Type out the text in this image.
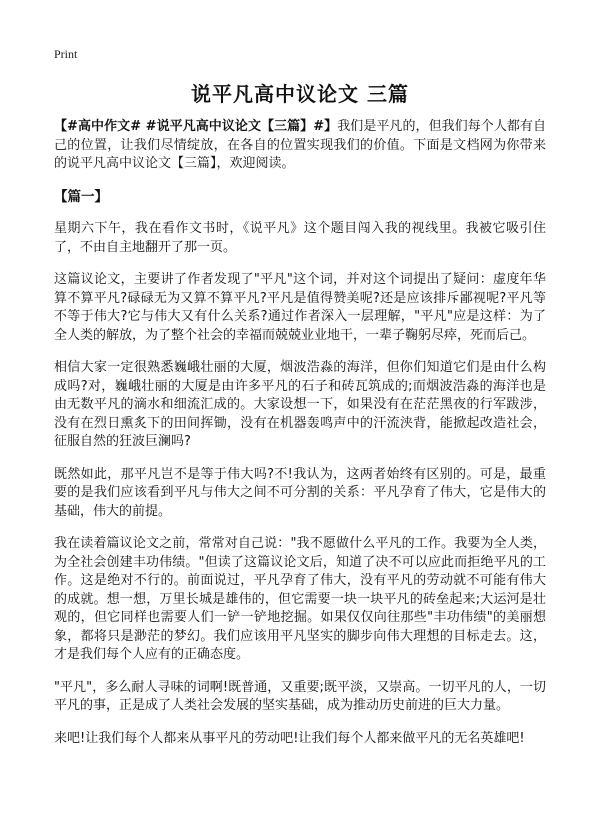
Print
说平凡高中议论文 三篇

【#高中作文# #说平凡高中议论文【三篇】#】我们是平凡的，但我们每个人都有自己的位置，让我们尽情绽放，在各自的位置实现我们的价值。下面是文档网为你带来的说平凡高中议论文【三篇】，欢迎阅读。

【篇一】

星期六下午，我在看作文书时，《说平凡》这个题目闯入我的视线里。我被它吸引住了，不由自主地翻开了那一页。

这篇议论文，主要讲了作者发现了"平凡"这个词，并对这个词提出了疑问：虚度年华算不算平凡?碌碌无为又算不算平凡?平凡是值得赞美呢?还是应该排斥鄙视呢?平凡等不等于伟大?它与伟大又有什么关系?通过作者深入一层理解，"平凡"应是这样：为了全人类的解放，为了整个社会的幸福而兢兢业业地干，一辈子鞠躬尽瘁，死而后己。

相信大家一定很熟悉巍峨壮丽的大厦，烟波浩淼的海洋，但你们知道它们是由什么构成吗?对，巍峨壮丽的大厦是由许多平凡的石子和砖瓦筑成的;而烟波浩淼的海洋也是由无数平凡的滴水和细流汇成的。大家设想一下，如果没有在茫茫黑夜的行军跋涉，没有在烈日熏炙下的田间挥锄，没有在机器轰鸣声中的汗流浃背，能掀起改造社会，征服自然的狂波巨澜吗?

既然如此，那平凡岂不是等于伟大吗?不!我认为，这两者始终有区别的。可是，最重要的是我们应该看到平凡与伟大之间不可分割的关系：平凡孕育了伟大，它是伟大的基础，伟大的前提。

我在读着篇议论文之前，常常对自己说："我不愿做什么平凡的工作。我要为全人类，为全社会创建丰功伟绩。"但读了这篇议论文后，知道了决不可以应此而拒绝平凡的工作。这是绝对不行的。前面说过，平凡孕育了伟大，没有平凡的劳动就不可能有伟大的成就。想一想，万里长城是雄伟的，但它需要一块一块平凡的砖垒起来;大运河是壮观的，但它同样也需要人们一铲一铲地挖掘。如果仅仅向往那些"丰功伟绩"的美丽想象，都将只是渺茫的梦幻。我们应该用平凡坚实的脚步向伟大理想的目标走去。这，才是我们每个人应有的正确态度。

"平凡"，多么耐人寻味的词啊!既普通，又重要;既平淡，又崇高。一切平凡的人，一切平凡的事，正是成了人类社会发展的坚实基础，成为推动历史前进的巨大力量。

来吧!让我们每个人都来从事平凡的劳动吧!让我们每个人都来做平凡的无名英雄吧!
